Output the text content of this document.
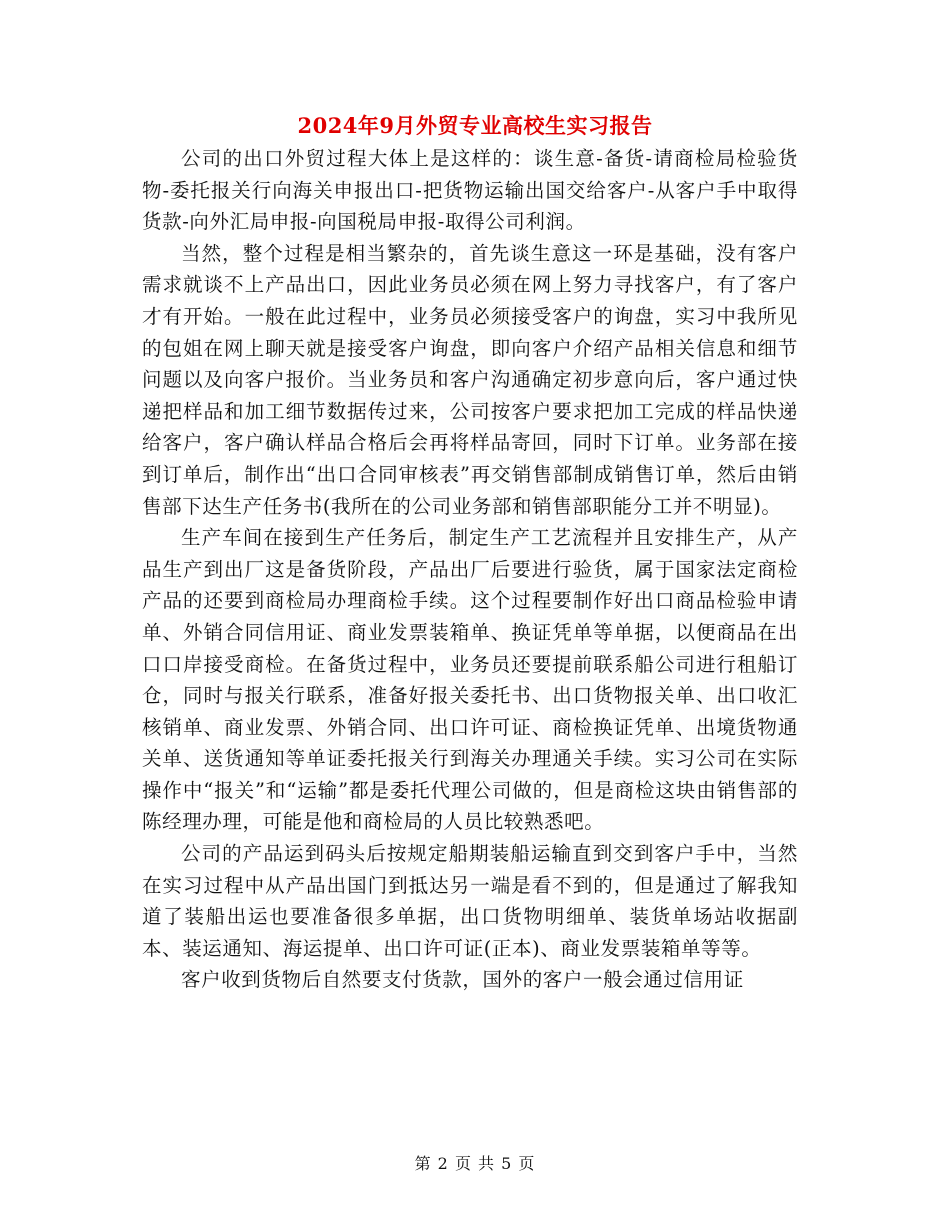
2024年9月外贸专业高校生实习报告

公司的出口外贸过程大体上是这样的：谈生意-备货-请商检局检验货物-委托报关行向海关申报出口-把货物运输出国交给客户-从客户手中取得货款-向外汇局申报-向国税局申报-取得公司利润。

当然，整个过程是相当繁杂的，首先谈生意这一环是基础，没有客户需求就谈不上产品出口，因此业务员必须在网上努力寻找客户，有了客户才有开始。一般在此过程中，业务员必须接受客户的询盘，实习中我所见的包姐在网上聊天就是接受客户询盘，即向客户介绍产品相关信息和细节问题以及向客户报价。当业务员和客户沟通确定初步意向后，客户通过快递把样品和加工细节数据传过来，公司按客户要求把加工完成的样品快递给客户，客户确认样品合格后会再将样品寄回，同时下订单。业务部在接到订单后，制作出“出口合同审核表”再交销售部制成销售订单，然后由销售部下达生产任务书(我所在的公司业务部和销售部职能分工并不明显)。

生产车间在接到生产任务后，制定生产工艺流程并且安排生产，从产品生产到出厂这是备货阶段，产品出厂后要进行验货，属于国家法定商检产品的还要到商检局办理商检手续。这个过程要制作好出口商品检验申请单、外销合同信用证、商业发票装箱单、换证凭单等单据，以便商品在出口口岸接受商检。在备货过程中，业务员还要提前联系船公司进行租船订仓，同时与报关行联系，准备好报关委托书、出口货物报关单、出口收汇核销单、商业发票、外销合同、出口许可证、商检换证凭单、出境货物通关单、送货通知等单证委托报关行到海关办理通关手续。实习公司在实际操作中“报关”和“运输”都是委托代理公司做的，但是商检这块由销售部的陈经理办理，可能是他和商检局的人员比较熟悉吧。

公司的产品运到码头后按规定船期装船运输直到交到客户手中，当然在实习过程中从产品出国门到抵达另一端是看不到的，但是通过了解我知道了装船出运也要准备很多单据，出口货物明细单、装货单场站收据副本、装运通知、海运提单、出口许可证(正本)、商业发票装箱单等等。

客户收到货物后自然要支付货款，国外的客户一般会通过信用证

第 2 页 共 5 页
